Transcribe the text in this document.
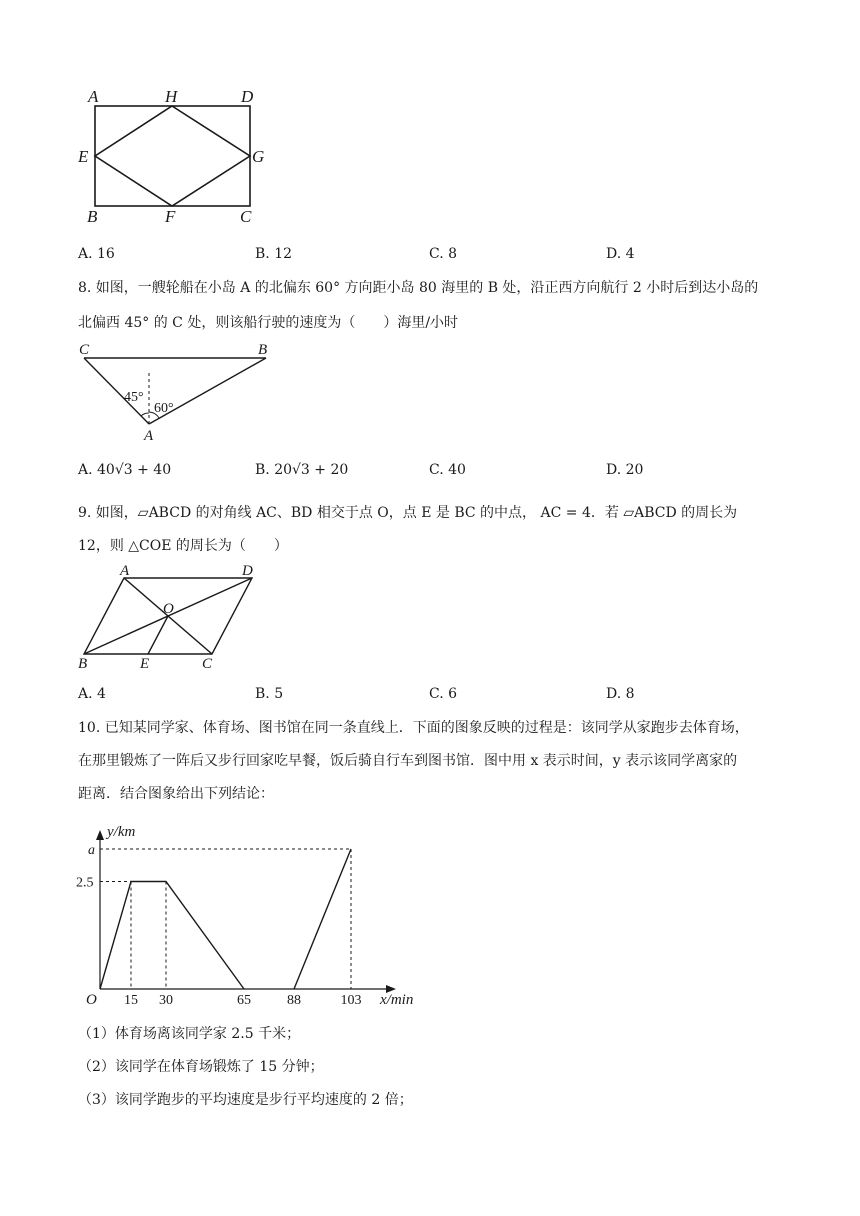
A	H	D
E	G
B	F	C
A. 16	B. 12	C. 8	D. 4
8. 如图，一艘轮船在小岛 A 的北偏东 60° 方向距小岛 80 海里的 B 处，沿正西方向航行 2 小时后到达小岛的
北偏西 45° 的 C 处，则该船行驶的速度为（　　）海里/小时
C	B
A
45°
60°
A. 40√3 + 40	B. 20√3 + 20	C. 40	D. 20
9. 如图，▱ABCD 的对角线 AC、BD 相交于点 O，点 E 是 BC 的中点， AC = 4．若 ▱ABCD 的周长为
12，则 △COE 的周长为（　　）
A	D
O
B	E	C
A. 4	B. 5	C. 6	D. 8
10. 已知某同学家、体育场、图书馆在同一条直线上．下面的图象反映的过程是：该同学从家跑步去体育场，
在那里锻炼了一阵后又步行回家吃早餐，饭后骑自行车到图书馆．图中用 x 表示时间，y 表示该同学离家的
距离．结合图象给出下列结论：
y/km
x/min
O 15 30	65	88	103
2.5
a
（1）体育场离该同学家 2.5 千米；
（2）该同学在体育场锻炼了 15 分钟；
（3）该同学跑步的平均速度是步行平均速度的 2 倍；
